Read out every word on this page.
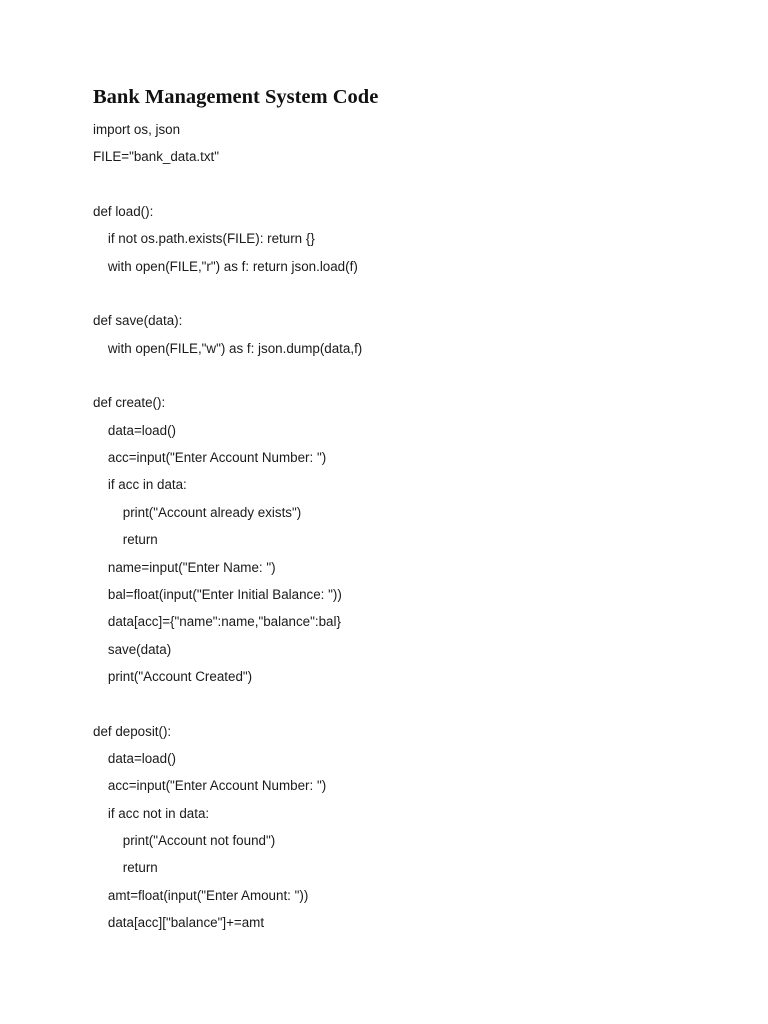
Bank Management System Code
import os, json
FILE="bank_data.txt"
def load():
if not os.path.exists(FILE): return {}
with open(FILE,"r") as f: return json.load(f)
def save(data):
with open(FILE,"w") as f: json.dump(data,f)
def create():
data=load()
acc=input("Enter Account Number: ")
if acc in data:
print("Account already exists")
return
name=input("Enter Name: ")
bal=float(input("Enter Initial Balance: "))
data[acc]={"name":name,"balance":bal}
save(data)
print("Account Created")
def deposit():
data=load()
acc=input("Enter Account Number: ")
if acc not in data:
print("Account not found")
return
amt=float(input("Enter Amount: "))
data[acc]["balance"]+=amt
